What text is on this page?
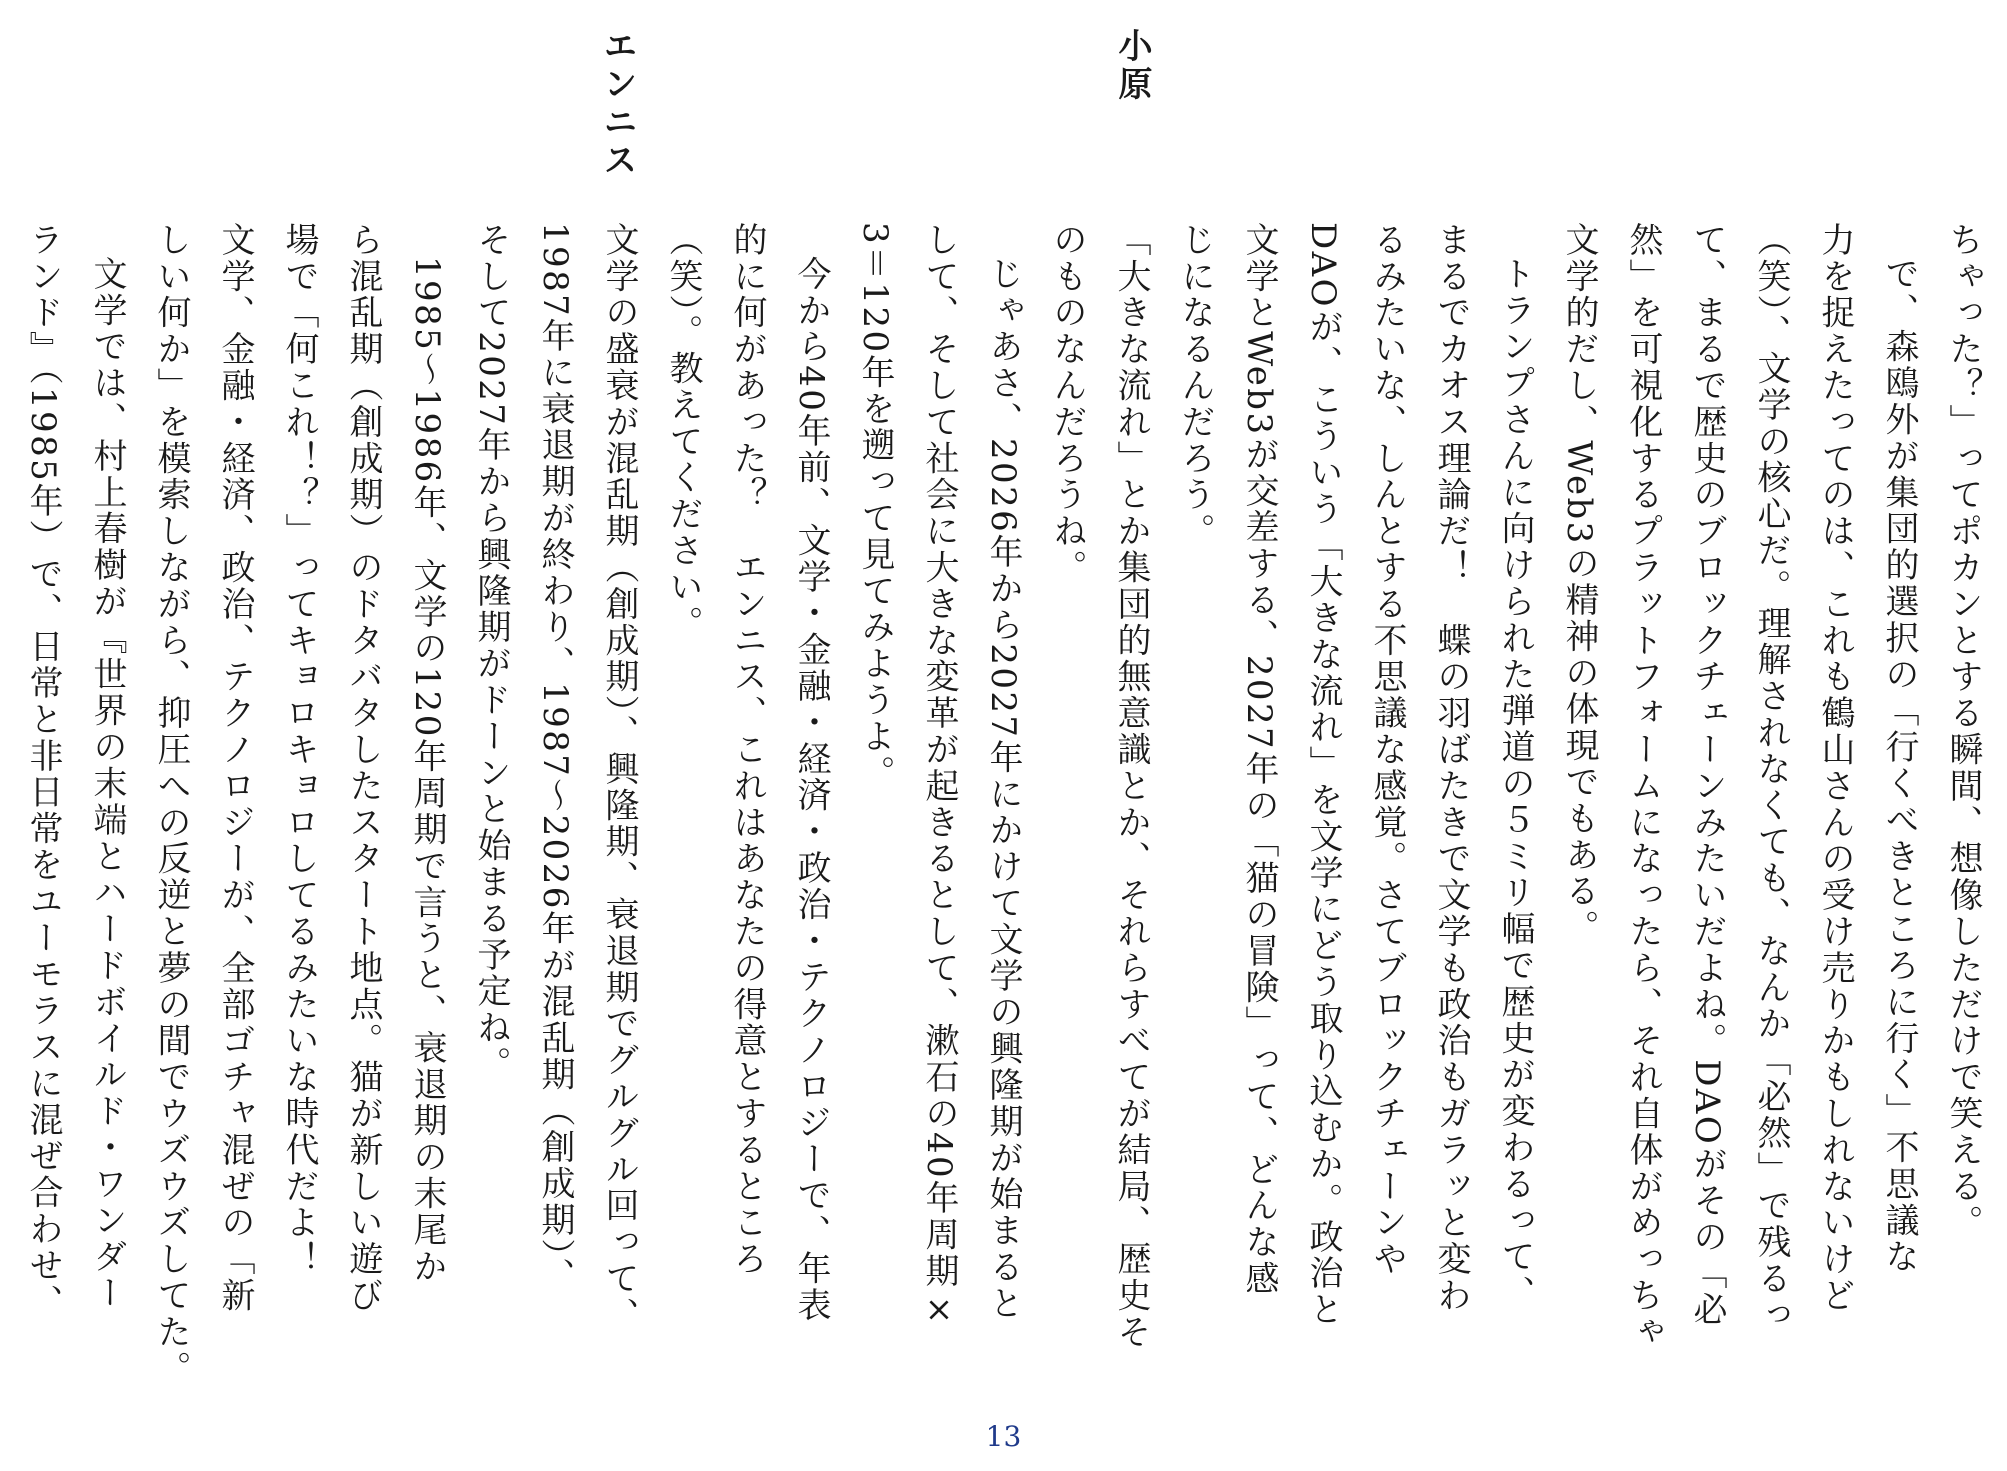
小原
エンニス
ちゃった？」ってポカンとする瞬間、想像しただけで笑える。
で、森鴎外が集団的選択の「行くべきところに行く」不思議な
力を捉えたってのは、これも鶴山さんの受け売りかもしれないけど
（笑）、文学の核心だ。理解されなくても、なんか「必然」で残るっ
て、まるで歴史のブロックチェーンみたいだよね。DAOがその「必
然」を可視化するプラットフォームになったら、それ自体がめっちゃ
文学的だし、Web3の精神の体現でもある。
トランプさんに向けられた弾道の５ミリ幅で歴史が変わるって、
まるでカオス理論だ！　蝶の羽ばたきで文学も政治もガラッと変わ
るみたいな、しんとする不思議な感覚。さてブロックチェーンや
DAOが、こういう「大きな流れ」を文学にどう取り込むか。政治と
文学とWeb3が交差する、2027年の「猫の冒険」って、どんな感
じになるんだろう。
「大きな流れ」とか集団的無意識とか、それらすべてが結局、歴史そ
のものなんだろうね。
じゃあさ、2026年から2027年にかけて文学の興隆期が始まると
して、そして社会に大きな変革が起きるとして、漱石の40年周期×
3＝120年を遡って見てみようよ。
今から40年前、文学・金融・経済・政治・テクノロジーで、年表
的に何があった？　エンニス、これはあなたの得意とするところ
（笑）。教えてください。
文学の盛衰が混乱期（創成期）、興隆期、衰退期でグルグル回って、
1987年に衰退期が終わり、1987～2026年が混乱期（創成期）、
そして2027年から興隆期がドーンと始まる予定ね。
1985～1986年、文学の120年周期で言うと、衰退期の末尾か
ら混乱期（創成期）のドタバタしたスタート地点。猫が新しい遊び
場で「何これ！？」ってキョロキョロしてるみたいな時代だよ！
文学、金融・経済、政治、テクノロジーが、全部ゴチャ混ぜの「新
しい何か」を模索しながら、抑圧への反逆と夢の間でウズウズしてた。
文学では、村上春樹が『世界の末端とハードボイルド・ワンダー
ランド』（1985年）で、日常と非日常をユーモラスに混ぜ合わせ、
13
